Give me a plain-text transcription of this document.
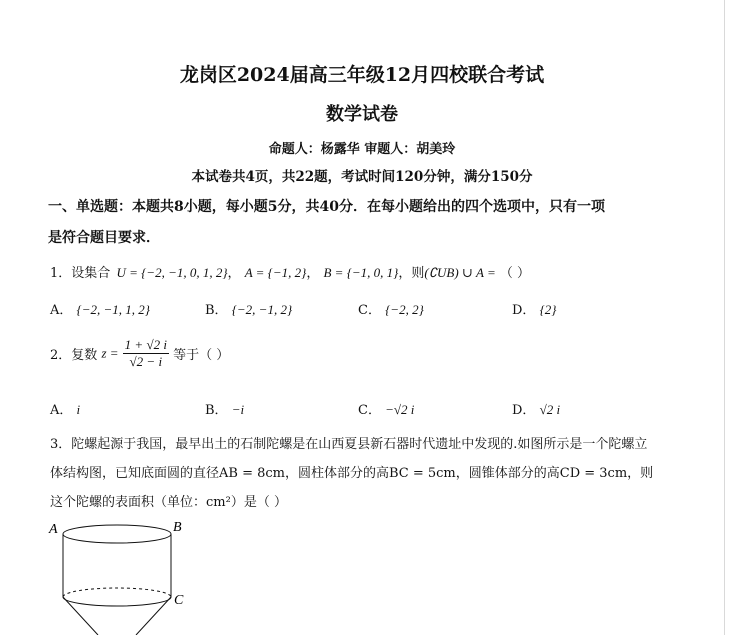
龙岗区2024届高三年级12月四校联合考试
数学试卷
命题人：杨露华 审题人：胡美玲
本试卷共4页，共22题，考试时间120分钟，满分150分
一、单选题：本题共8小题，每小题5分，共40分．在每小题给出的四个选项中，只有一项
是符合题目要求．
1．设集合 U = {−2, −1, 0, 1, 2}， A = {−1, 2}， B = {−1, 0, 1}，则(∁UB) ∪ A = （ ）
A． {−2, −1, 1, 2}	B． {−2, −1, 2}	C． {−2, 2}	D． {2}
2．复数 $z = \frac{1 + √2 i}{√2 - i}$ 等于（ ）
A． i	B． −i	C． −√2 i	D． √2 i
3．陀螺起源于我国，最早出土的石制陀螺是在山西夏县新石器时代遗址中发现的.如图所示是一个陀螺立
体结构图，已知底面圆的直径AB = 8cm，圆柱体部分的高BC = 5cm，圆锥体部分的高CD = 3cm，则
这个陀螺的表面积（单位：cm²）是（ ）
A	B
C
